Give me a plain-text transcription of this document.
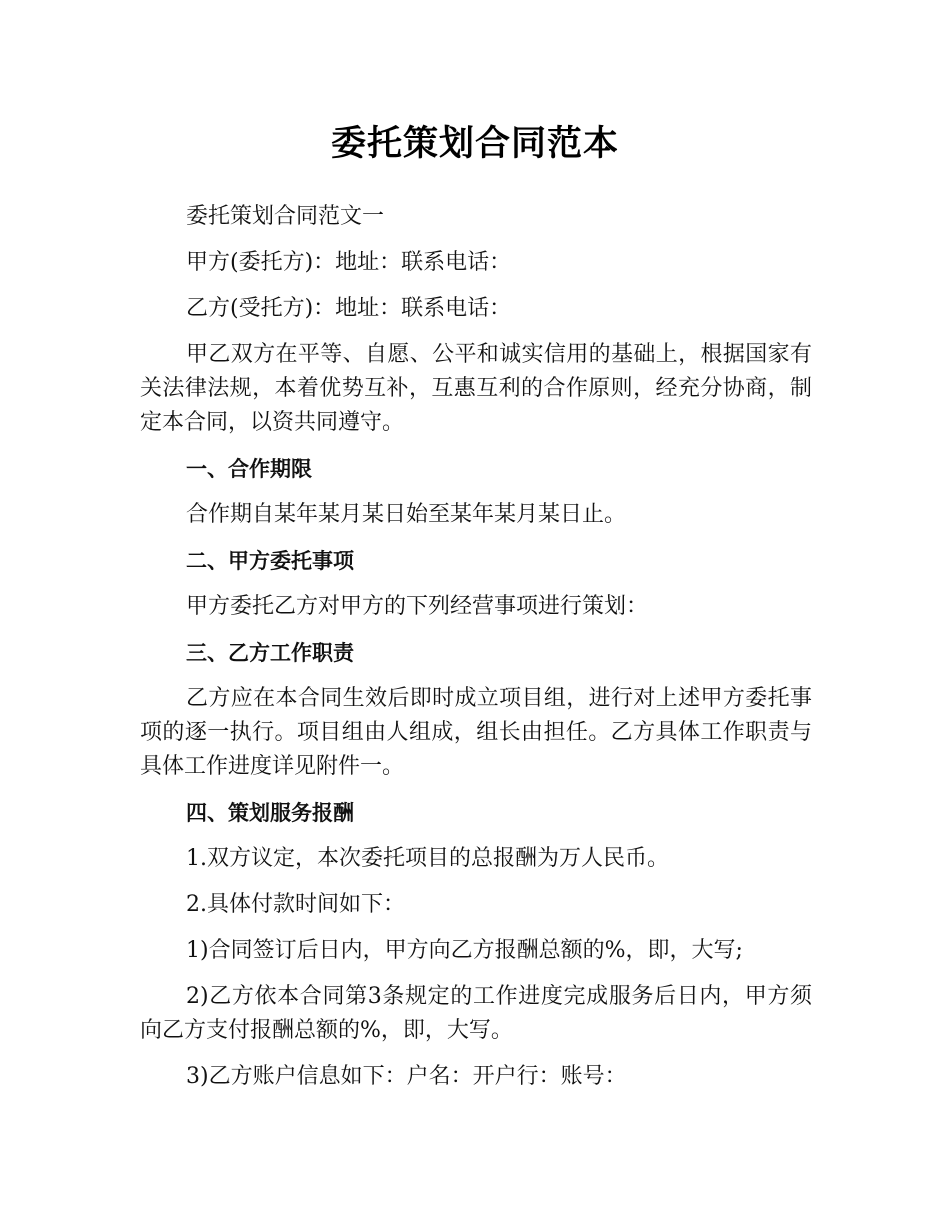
委托策划合同范本

委托策划合同范文一

甲方(委托方)：地址：联系电话：

乙方(受托方)：地址：联系电话：

甲乙双方在平等、自愿、公平和诚实信用的基础上，根据国家有关法律法规，本着优势互补，互惠互利的合作原则，经充分协商，制定本合同，以资共同遵守。

一、合作期限

合作期自某年某月某日始至某年某月某日止。

二、甲方委托事项

甲方委托乙方对甲方的下列经营事项进行策划：

三、乙方工作职责

乙方应在本合同生效后即时成立项目组，进行对上述甲方委托事项的逐一执行。项目组由人组成，组长由担任。乙方具体工作职责与具体工作进度详见附件一。

四、策划服务报酬

1.双方议定，本次委托项目的总报酬为万人民币。

2.具体付款时间如下：

1)合同签订后日内，甲方向乙方报酬总额的%，即，大写;

2)乙方依本合同第3条规定的工作进度完成服务后日内，甲方须向乙方支付报酬总额的%，即，大写。

3)乙方账户信息如下：户名：开户行：账号：
